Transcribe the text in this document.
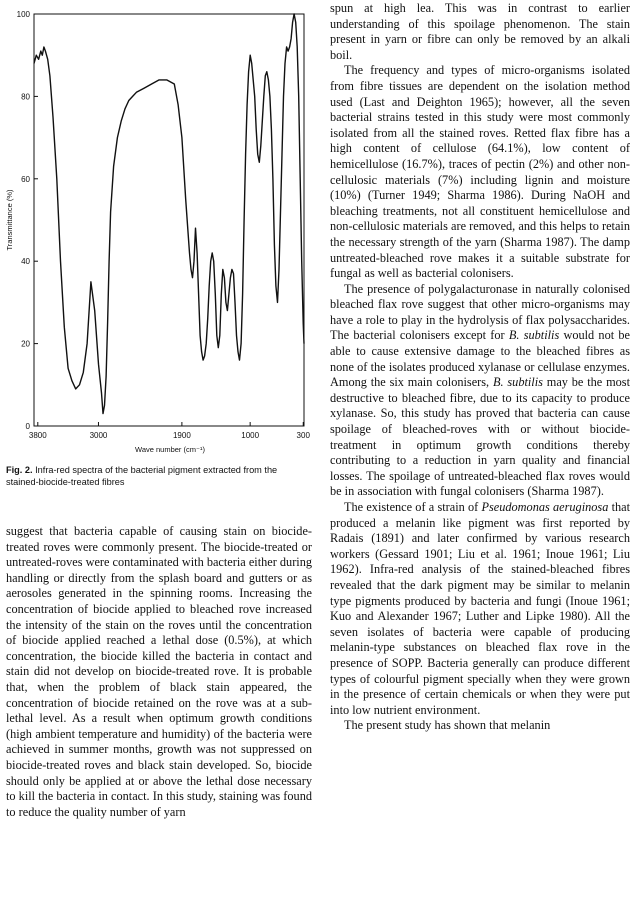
0
20
40
60
80
100
3800	3000	1900	1000	300
Transmittance (%)
Wave number (cm⁻¹)
Fig. 2. Infra-red spectra of the bacterial pigment extracted from the stained-biocide-treated fibres

suggest that bacteria capable of causing stain on biocide-treated roves were commonly present. The biocide-treated or untreated-roves were contaminated with bacteria either during handling or directly from the splash board and gutters or as aerosoles generated in the spinning rooms. Increasing the concentration of biocide applied to bleached rove increased the intensity of the stain on the roves until the concentration of biocide applied reached a lethal dose (0.5%), at which concentration, the biocide killed the bacteria in contact and stain did not develop on biocide-treated rove. It is probable that, when the problem of black stain appeared, the concentration of biocide retained on the rove was at a sub-lethal level. As a result when optimum growth conditions (high ambient temperature and humidity) of the bacteria were achieved in summer months, growth was not suppressed on biocide-treated roves and black stain developed. So, biocide should only be applied at or above the lethal dose necessary to kill the bacteria in contact. In this study, staining was found to reduce the quality number of yarn

spun at high lea. This was in contrast to earlier understanding of this spoilage phenomenon. The stain present in yarn or fibre can only be removed by an alkali boil.

The frequency and types of micro-organisms isolated from fibre tissues are dependent on the isolation method used (Last and Deighton 1965); however, all the seven bacterial strains tested in this study were most commonly isolated from all the stained roves. Retted flax fibre has a high content of cellulose (64.1%), low content of hemicellulose (16.7%), traces of pectin (2%) and other non-cellulosic materials (7%) including lignin and moisture (10%) (Turner 1949; Sharma 1986). During NaOH and bleaching treatments, not all constituent hemicellulose and non-cellulosic materials are removed, and this helps to retain the necessary strength of the yarn (Sharma 1987). The damp untreated-bleached rove makes it a suitable substrate for fungal as well as bacterial colonisers.

The presence of polygalacturonase in naturally colonised bleached flax rove suggest that other micro-organisms may have a role to play in the hydrolysis of flax polysaccharides. The bacterial colonisers except for B. subtilis would not be able to cause extensive damage to the bleached fibres as none of the isolates produced xylanase or cellulase enzymes. Among the six main colonisers, B. subtilis may be the most destructive to bleached fibre, due to its capacity to produce xylanase. So, this study has proved that bacteria can cause spoilage of bleached-roves with or without biocide-treatment in optimum growth conditions thereby contributing to a reduction in yarn quality and financial losses. The spoilage of untreated-bleached flax roves would be in association with fungal colonisers (Sharma 1987).

The existence of a strain of Pseudomonas aeruginosa that produced a melanin like pigment was first reported by Radais (1891) and later confirmed by various research workers (Gessard 1901; Liu et al. 1961; Inoue 1961; Liu 1962). Infra-red analysis of the stained-bleached fibres revealed that the dark pigment may be similar to melanin type pigments produced by bacteria and fungi (Inoue 1961; Kuo and Alexander 1967; Luther and Lipke 1980). All the seven isolates of bacteria were capable of producing melanin-type substances on bleached flax rove in the presence of SOPP. Bacteria generally can produce different types of colourful pigment specially when they were grown in the presence of certain chemicals or when they were put into low nutrient environment.

The present study has shown that melanin
